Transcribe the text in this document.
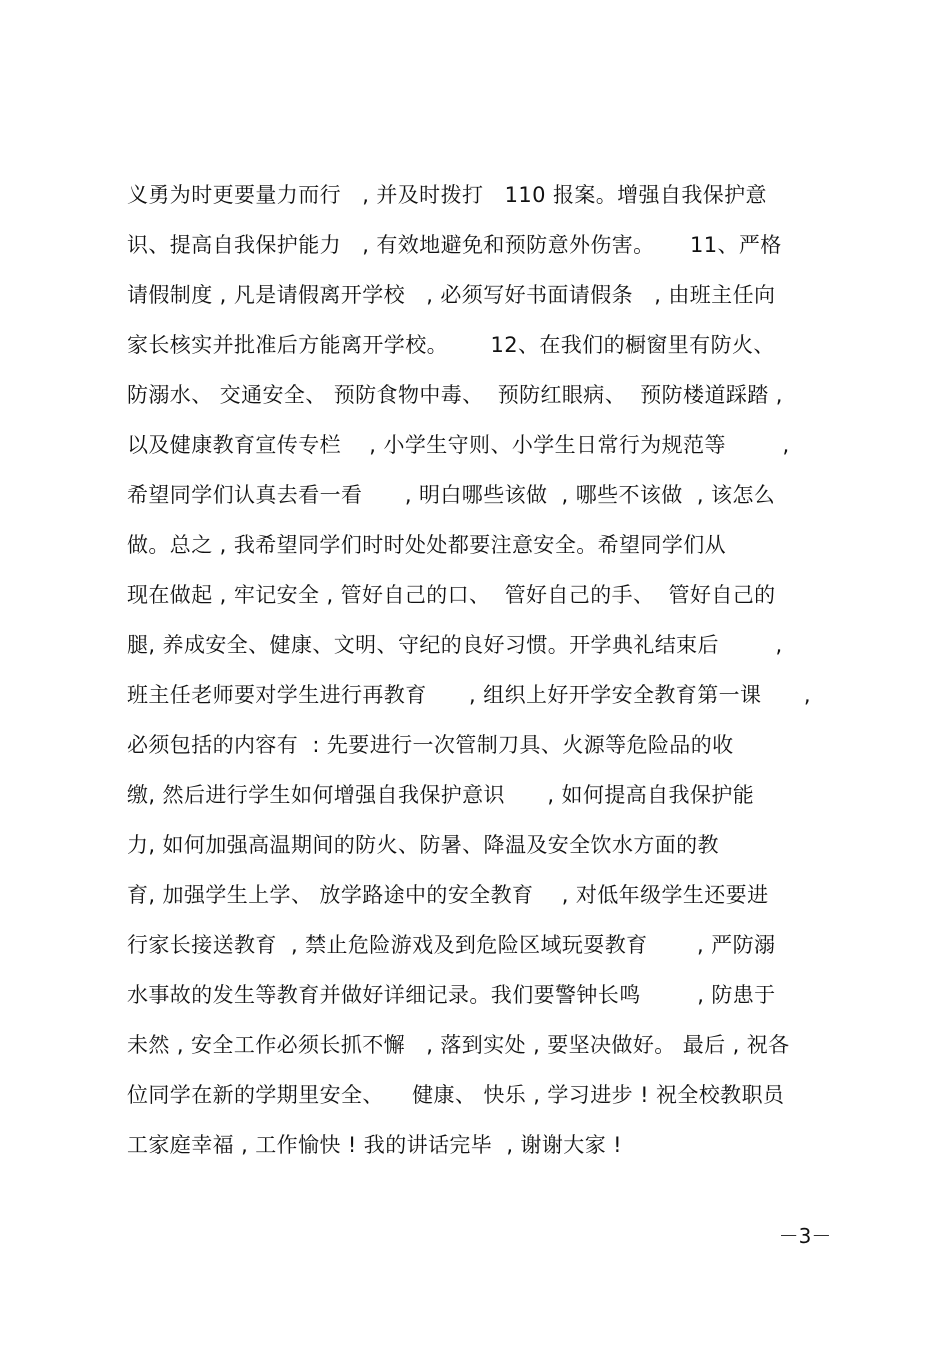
义勇为时更要量力而行   , 并及时拨打   110 报案。增强自我保护意
识、提高自我保护能力   , 有效地避免和预防意外伤害。     11、严格
请假制度 , 凡是请假离开学校   , 必须写好书面请假条   , 由班主任向
家长核实并批准后方能离开学校。      12、在我们的橱窗里有防火、
防溺水、 交通安全、 预防食物中毒、  预防红眼病、  预防楼道踩踏 ,
以及健康教育宣传专栏    , 小学生守则、小学生日常行为规范等        ,
希望同学们认真去看一看      , 明白哪些该做  , 哪些不该做  , 该怎么
做。总之 , 我希望同学们时时处处都要注意安全。希望同学们从
现在做起 , 牢记安全 , 管好自己的口、  管好自己的手、  管好自己的
腿, 养成安全、健康、文明、守纪的良好习惯。开学典礼结束后        ,
班主任老师要对学生进行再教育      , 组织上好开学安全教育第一课      ,
必须包括的内容有  : 先要进行一次管制刀具、火源等危险品的收
缴, 然后进行学生如何增强自我保护意识      , 如何提高自我保护能
力, 如何加强高温期间的防火、防暑、降温及安全饮水方面的教
育, 加强学生上学、 放学路途中的安全教育    , 对低年级学生还要进
行家长接送教育  , 禁止危险游戏及到危险区域玩耍教育       , 严防溺
水事故的发生等教育并做好详细记录。我们要警钟长鸣        , 防患于
未然 , 安全工作必须长抓不懈   , 落到实处 , 要坚决做好。 最后 , 祝各
位同学在新的学期里安全、    健康、 快乐 , 学习进步 ! 祝全校教职员
工家庭幸福 , 工作愉快 ! 我的讲话完毕  , 谢谢大家 !
－3－
